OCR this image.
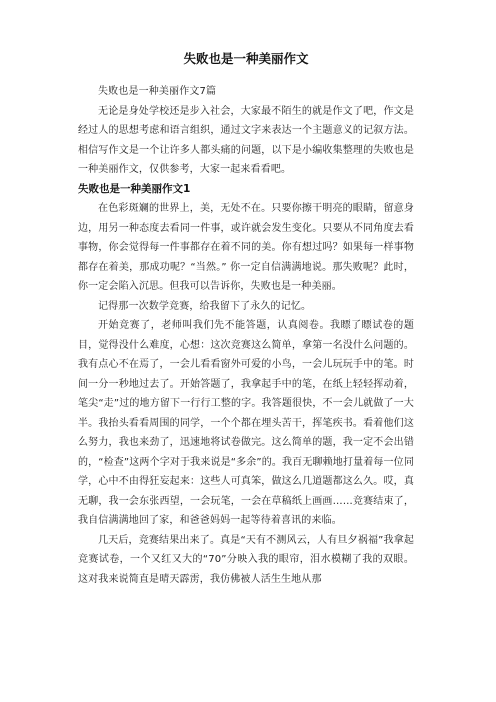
失败也是一种美丽作文

失败也是一种美丽作文7篇

无论是身处学校还是步入社会，大家最不陌生的就是作文了吧，作文是经过人的思想考虑和语言组织，通过文字来表达一个主题意义的记叙方法。相信写作文是一个让许多人都头痛的问题，以下是小编收集整理的失败也是一种美丽作文，仅供参考，大家一起来看看吧。

失败也是一种美丽作文1

在色彩斑斓的世界上，美，无处不在。只要你擦干明亮的眼睛，留意身边，用另一种态度去看同一件事，或许就会发生变化。只要从不同角度去看事物，你会觉得每一件事都存在着不同的美。你有想过吗？如果每一样事物都存在着美，那成功呢？“当然。” 你一定自信满满地说。那失败呢？此时，你一定会陷入沉思。但我可以告诉你，失败也是一种美丽。

记得那一次数学竞赛，给我留下了永久的记忆。

开始竞赛了，老师叫我们先不能答题，认真阅卷。我瞟了瞟试卷的题目，觉得没什么难度，心想：这次竞赛这么简单，拿第一名没什么问题的。我有点心不在焉了，一会儿看看窗外可爱的小鸟，一会儿玩玩手中的笔。时间一分一秒地过去了。开始答题了，我拿起手中的笔，在纸上轻轻挥动着，笔尖“走”过的地方留下一行行工整的字。我答题很快，不一会儿就做了一大半。我抬头看看周围的同学，一个个都在埋头苦干，挥笔疾书。看着他们这么努力，我也来劲了，迅速地将试卷做完。这么简单的题，我一定不会出错的，“检查”这两个字对于我来说是“多余”的。我百无聊赖地打量着每一位同学，心中不由得狂妄起来：这些人可真笨，做这么几道题都这么久。哎，真无聊，我一会东张西望，一会玩笔，一会在草稿纸上画画……竞赛结束了，我自信满满地回了家，和爸爸妈妈一起等待着喜讯的来临。

几天后，竞赛结果出来了。真是“天有不测风云，人有旦夕祸福”我拿起竞赛试卷，一个又红又大的“70”分映入我的眼帘，泪水模糊了我的双眼。这对我来说简直是晴天霹雳，我仿佛被人活生生地从那
